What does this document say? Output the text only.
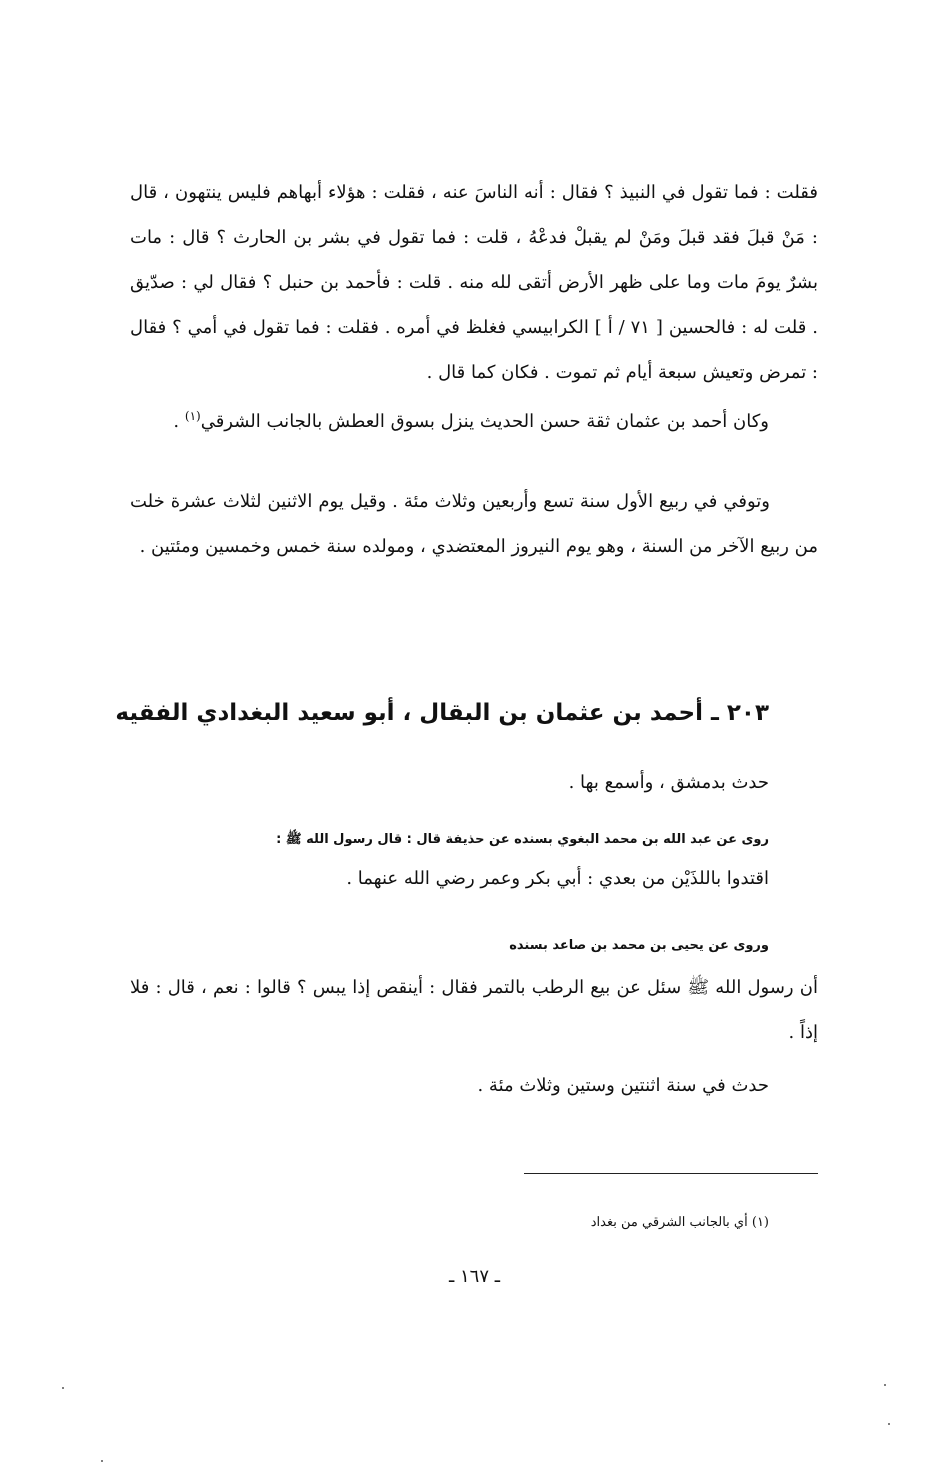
فقلت : فما تقول في النبيذ ؟ فقال : أنه الناسَ عنه ، فقلت : هؤلاء أبهاهم فليس ينتهون ، قال : مَنْ قبلَ فقد قبلَ ومَنْ لم يقبلْ فدعْهُ ، قلت : فما تقول في بشر بن الحارث ؟ قال : مات بشرٌ يومَ مات وما على ظهر الأرض أتقى لله منه . قلت : فأحمد بن حنبل ؟ فقال لي : صدّيق . قلت له : فالحسين [ ٧١ / أ ] الكرابيسي فغلظ في أمره . فقلت : فما تقول في أمي ؟ فقال : تمرض وتعيش سبعة أيام ثم تموت . فكان كما قال .
وكان أحمد بن عثمان ثقة حسن الحديث ينزل بسوق العطش بالجانب الشرقي$^{(١)}$ .
وتوفي في ربيع الأول سنة تسع وأربعين وثلاث مئة . وقيل يوم الاثنين لثلاث عشرة خلت من ربيع الآخر من السنة ، وهو يوم النيروز المعتضدي ، ومولده سنة خمس وخمسين ومئتين .
٢٠٣ ـ أحمد بن عثمان بن البقال ، أبو سعيد البغدادي الفقيه
حدث بدمشق ، وأسمع بها .
روى عن عبد الله بن محمد البغوي بسنده عن حذيفة قال : قال رسول الله ﷺ :
اقتدوا باللذَيْن من بعدي : أبي بكر وعمر رضي الله عنهما .
وروى عن يحيى بن محمد بن صاعد بسنده
أن رسول الله ﷺ سئل عن بيع الرطب بالتمر فقال : أينقص إذا يبس ؟ قالوا : نعم ، قال : فلا إذاً .
حدث في سنة اثنتين وستين وثلاث مئة .
(١) أي بالجانب الشرقي من بغداد
ـ ١٦٧ ـ
